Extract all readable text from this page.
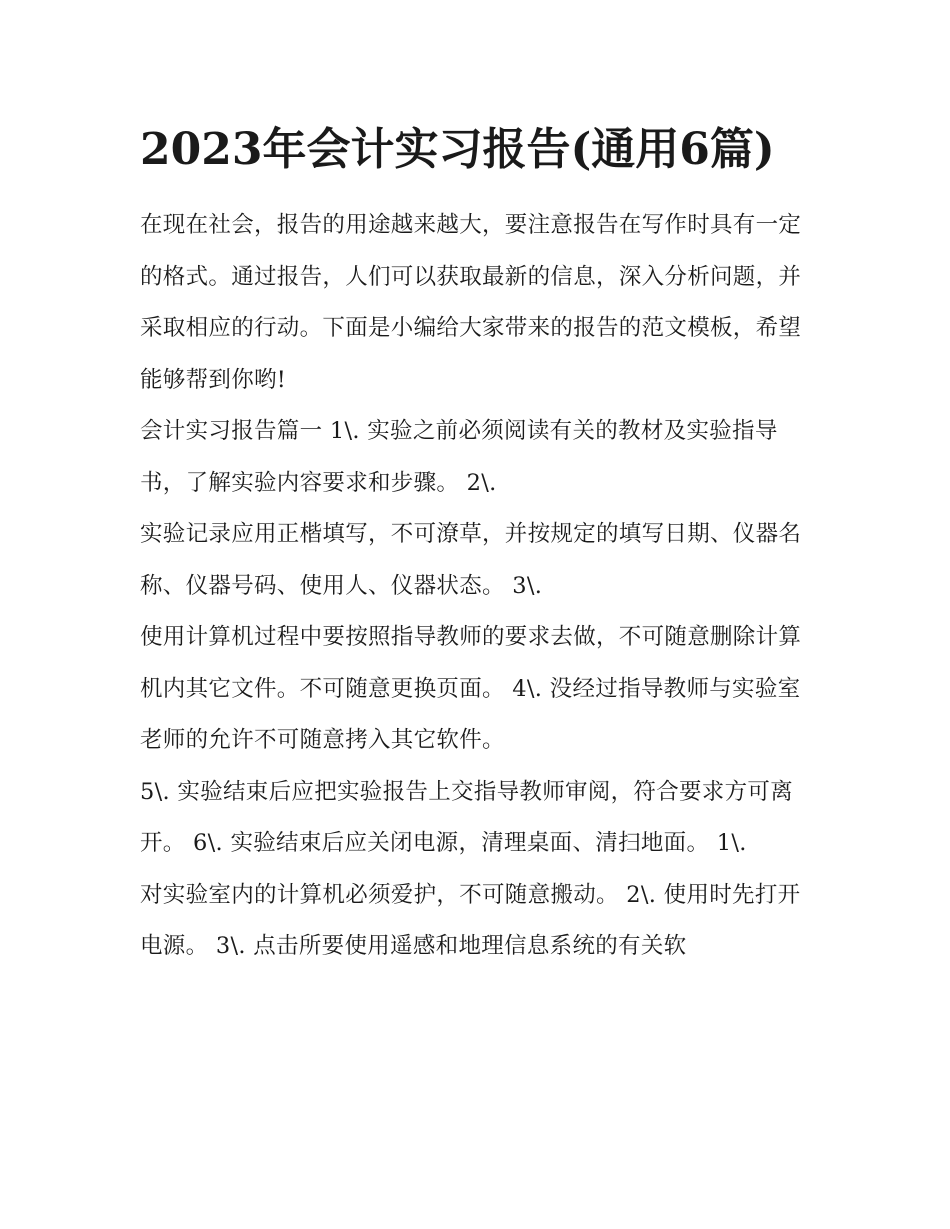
2023年会计实习报告(通用6篇)

在现在社会，报告的用途越来越大，要注意报告在写作时具有一定的格式。通过报告，人们可以获取最新的信息，深入分析问题，并采取相应的行动。下面是小编给大家带来的报告的范文模板，希望能够帮到你哟!

会计实习报告篇一 1\. 实验之前必须阅读有关的教材及实验指导书，了解实验内容要求和步骤。 2\.

实验记录应用正楷填写，不可潦草，并按规定的填写日期、仪器名称、仪器号码、使用人、仪器状态。 3\.

使用计算机过程中要按照指导教师的要求去做，不可随意删除计算机内其它文件。不可随意更换页面。 4\. 没经过指导教师与实验室老师的允许不可随意拷入其它软件。

5\. 实验结束后应把实验报告上交指导教师审阅，符合要求方可离开。 6\. 实验结束后应关闭电源，清理桌面、清扫地面。 1\.

对实验室内的计算机必须爱护，不可随意搬动。 2\. 使用时先打开电源。 3\. 点击所要使用遥感和地理信息系统的有关软
